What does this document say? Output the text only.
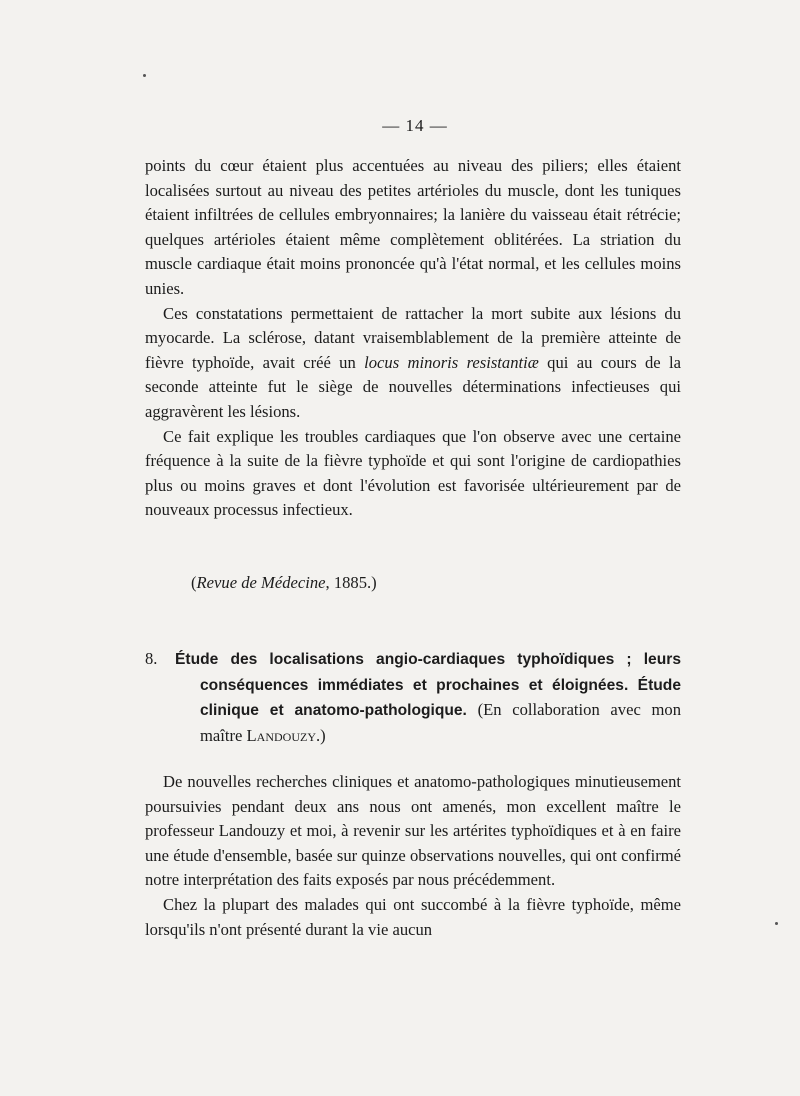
— 14 —

points du cœur étaient plus accentuées au niveau des piliers; elles étaient localisées surtout au niveau des petites artérioles du muscle, dont les tuniques étaient infiltrées de cellules embryonnaires; la lanière du vaisseau était rétrécie; quelques artérioles étaient même complètement oblitérées. La striation du muscle cardiaque était moins prononcée qu'à l'état normal, et les cellules moins unies.

Ces constatations permettaient de rattacher la mort subite aux lésions du myocarde. La sclérose, datant vraisemblablement de la première atteinte de fièvre typhoïde, avait créé un locus minoris resistantiæ qui au cours de la seconde atteinte fut le siège de nouvelles déterminations infectieuses qui aggravèrent les lésions.

Ce fait explique les troubles cardiaques que l'on observe avec une certaine fréquence à la suite de la fièvre typhoïde et qui sont l'origine de cardiopathies plus ou moins graves et dont l'évolution est favorisée ultérieurement par de nouveaux processus infectieux.

(Revue de Médecine, 1885.)
8. Étude des localisations angio-cardiaques typhoïdiques ; leurs conséquences immédiates et prochaines et éloignées. Étude clinique et anatomo-pathologique. (En collaboration avec mon maître Landouzy.)

De nouvelles recherches cliniques et anatomo-pathologiques minutieusement poursuivies pendant deux ans nous ont amenés, mon excellent maître le professeur Landouzy et moi, à revenir sur les artérites typhoïdiques et à en faire une étude d'ensemble, basée sur quinze observations nouvelles, qui ont confirmé notre interprétation des faits exposés par nous précédemment.

Chez la plupart des malades qui ont succombé à la fièvre typhoïde, même lorsqu'ils n'ont présenté durant la vie aucun
